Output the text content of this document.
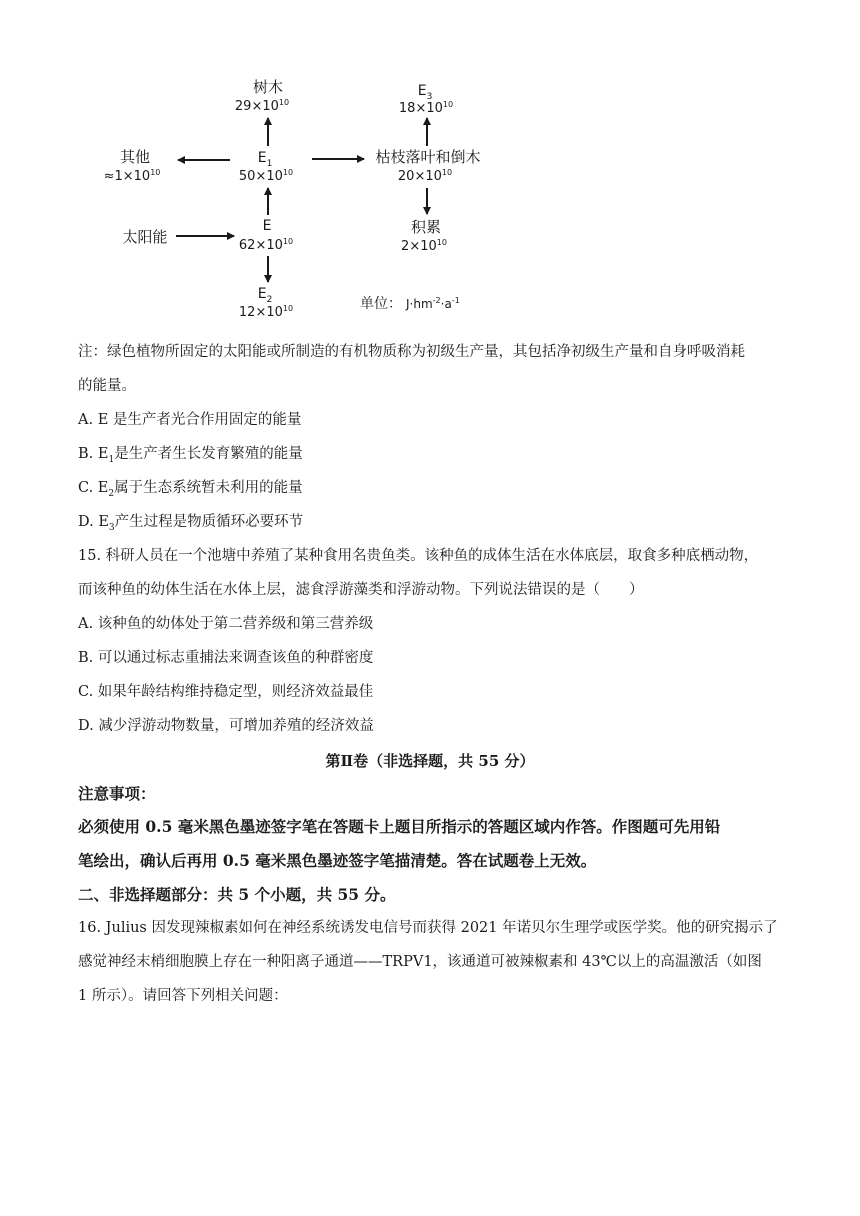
树木
$29\times 10^{10}$
其他
$\approx 1\times 10^{10}$
$E_1$
$50\times 10^{10}$
$E_3$
$18\times 10^{10}$
枯枝落叶和倒木
$20\times 10^{10}$
积累
$2\times 10^{10}$
太阳能
E
$62\times 10^{10}$
$E_2$
$12\times 10^{10}$	单位： $J\cdot hm^{-2}\cdot a^{-1}$
注：绿色植物所固定的太阳能或所制造的有机物质称为初级生产量，其包括净初级生产量和自身呼吸消耗
的能量。
A. E 是生产者光合作用固定的能量
B. $E_1$是生产者生长发育繁殖的能量
C. $E_2$属于生态系统暂未利用的能量
D. $E_3$产生过程是物质循环必要环节
15. 科研人员在一个池塘中养殖了某种食用名贵鱼类。该种鱼的成体生活在水体底层，取食多种底栖动物，
而该种鱼的幼体生活在水体上层，滤食浮游藻类和浮游动物。下列说法错误的是（　　）
A. 该种鱼的幼体处于第二营养级和第三营养级
B. 可以通过标志重捕法来调查该鱼的种群密度
C. 如果年龄结构维持稳定型，则经济效益最佳
D. 减少浮游动物数量，可增加养殖的经济效益
第Ⅱ卷（非选择题，共 55 分）
注意事项：
必须使用 0.5 毫米黑色墨迹签字笔在答题卡上题目所指示的答题区域内作答。作图题可先用铅
笔绘出，确认后再用 0.5 毫米黑色墨迹签字笔描清楚。答在试题卷上无效。
二、非选择题部分：共 5 个小题，共 55 分。
16. Julius 因发现辣椒素如何在神经系统诱发电信号而获得 2021 年诺贝尔生理学或医学奖。他的研究揭示了
感觉神经末梢细胞膜上存在一种阳离子通道——TRPV1，该通道可被辣椒素和 43℃以上的高温激活（如图
1 所示）。请回答下列相关问题：
